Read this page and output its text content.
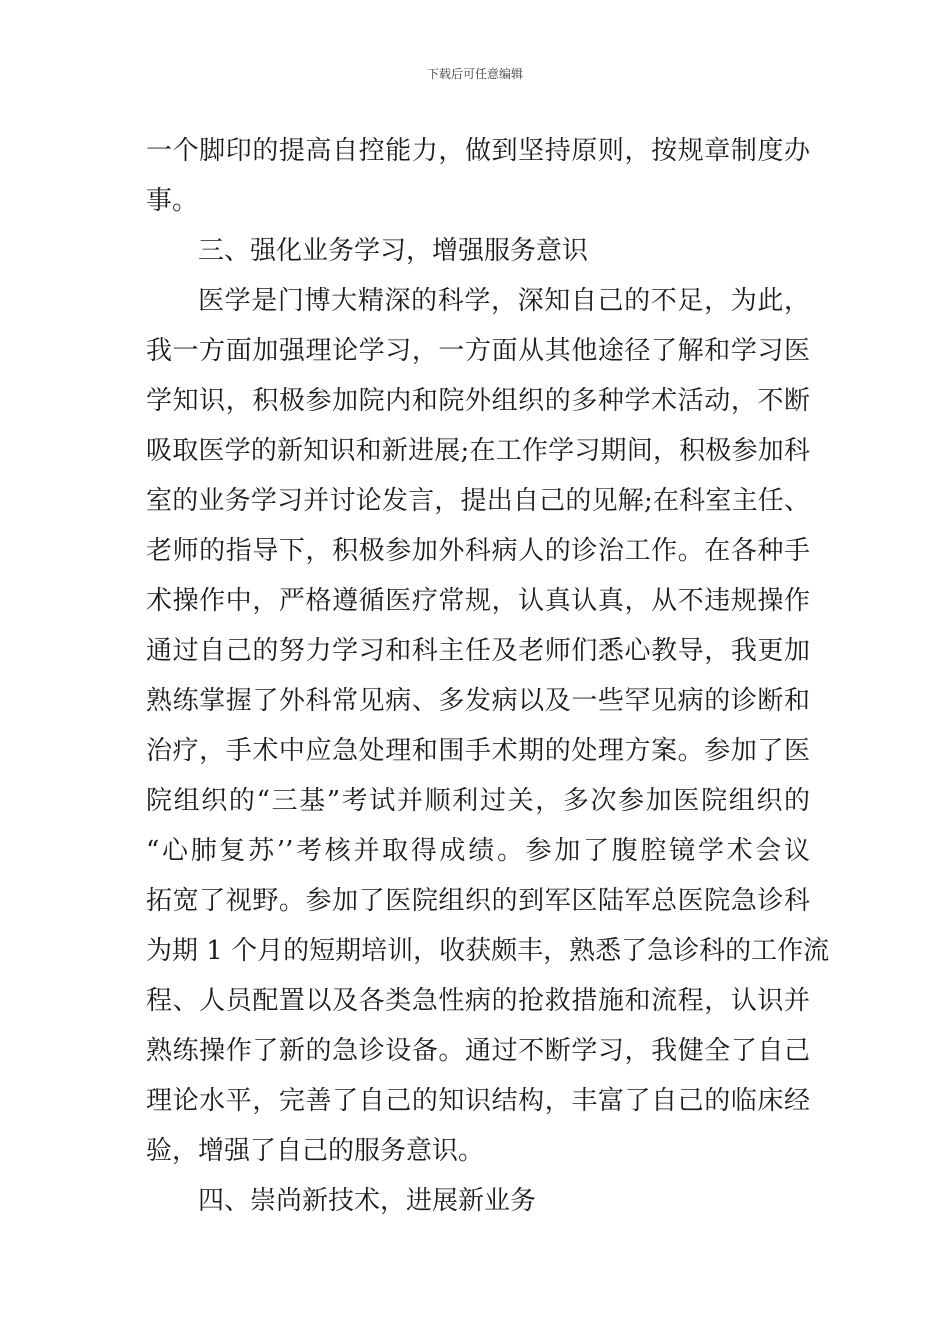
下载后可任意编辑
一个脚印的提高自控能力，做到坚持原则，按规章制度办
事。
三、强化业务学习，增强服务意识
医学是门博大精深的科学，深知自己的不足，为此，
我一方面加强理论学习，一方面从其他途径了解和学习医
学知识，积极参加院内和院外组织的多种学术活动，不断
吸取医学的新知识和新进展;在工作学习期间，积极参加科
室的业务学习并讨论发言，提出自己的见解;在科室主任、
老师的指导下，积极参加外科病人的诊治工作。在各种手
术操作中，严格遵循医疗常规，认真认真，从不违规操作
通过自己的努力学习和科主任及老师们悉心教导，我更加
熟练掌握了外科常见病、多发病以及一些罕见病的诊断和
治疗，手术中应急处理和围手术期的处理方案。参加了医
院组织的“三基”考试并顺利过关，多次参加医院组织的
“心肺复苏’’考核并取得成绩。参加了腹腔镜学术会议
拓宽了视野。参加了医院组织的到军区陆军总医院急诊科
为期 1 个月的短期培训，收获颇丰，熟悉了急诊科的工作流
程、人员配置以及各类急性病的抢救措施和流程，认识并
熟练操作了新的急诊设备。通过不断学习，我健全了自己
理论水平，完善了自己的知识结构，丰富了自己的临床经
验，增强了自己的服务意识。
四、崇尚新技术，进展新业务
